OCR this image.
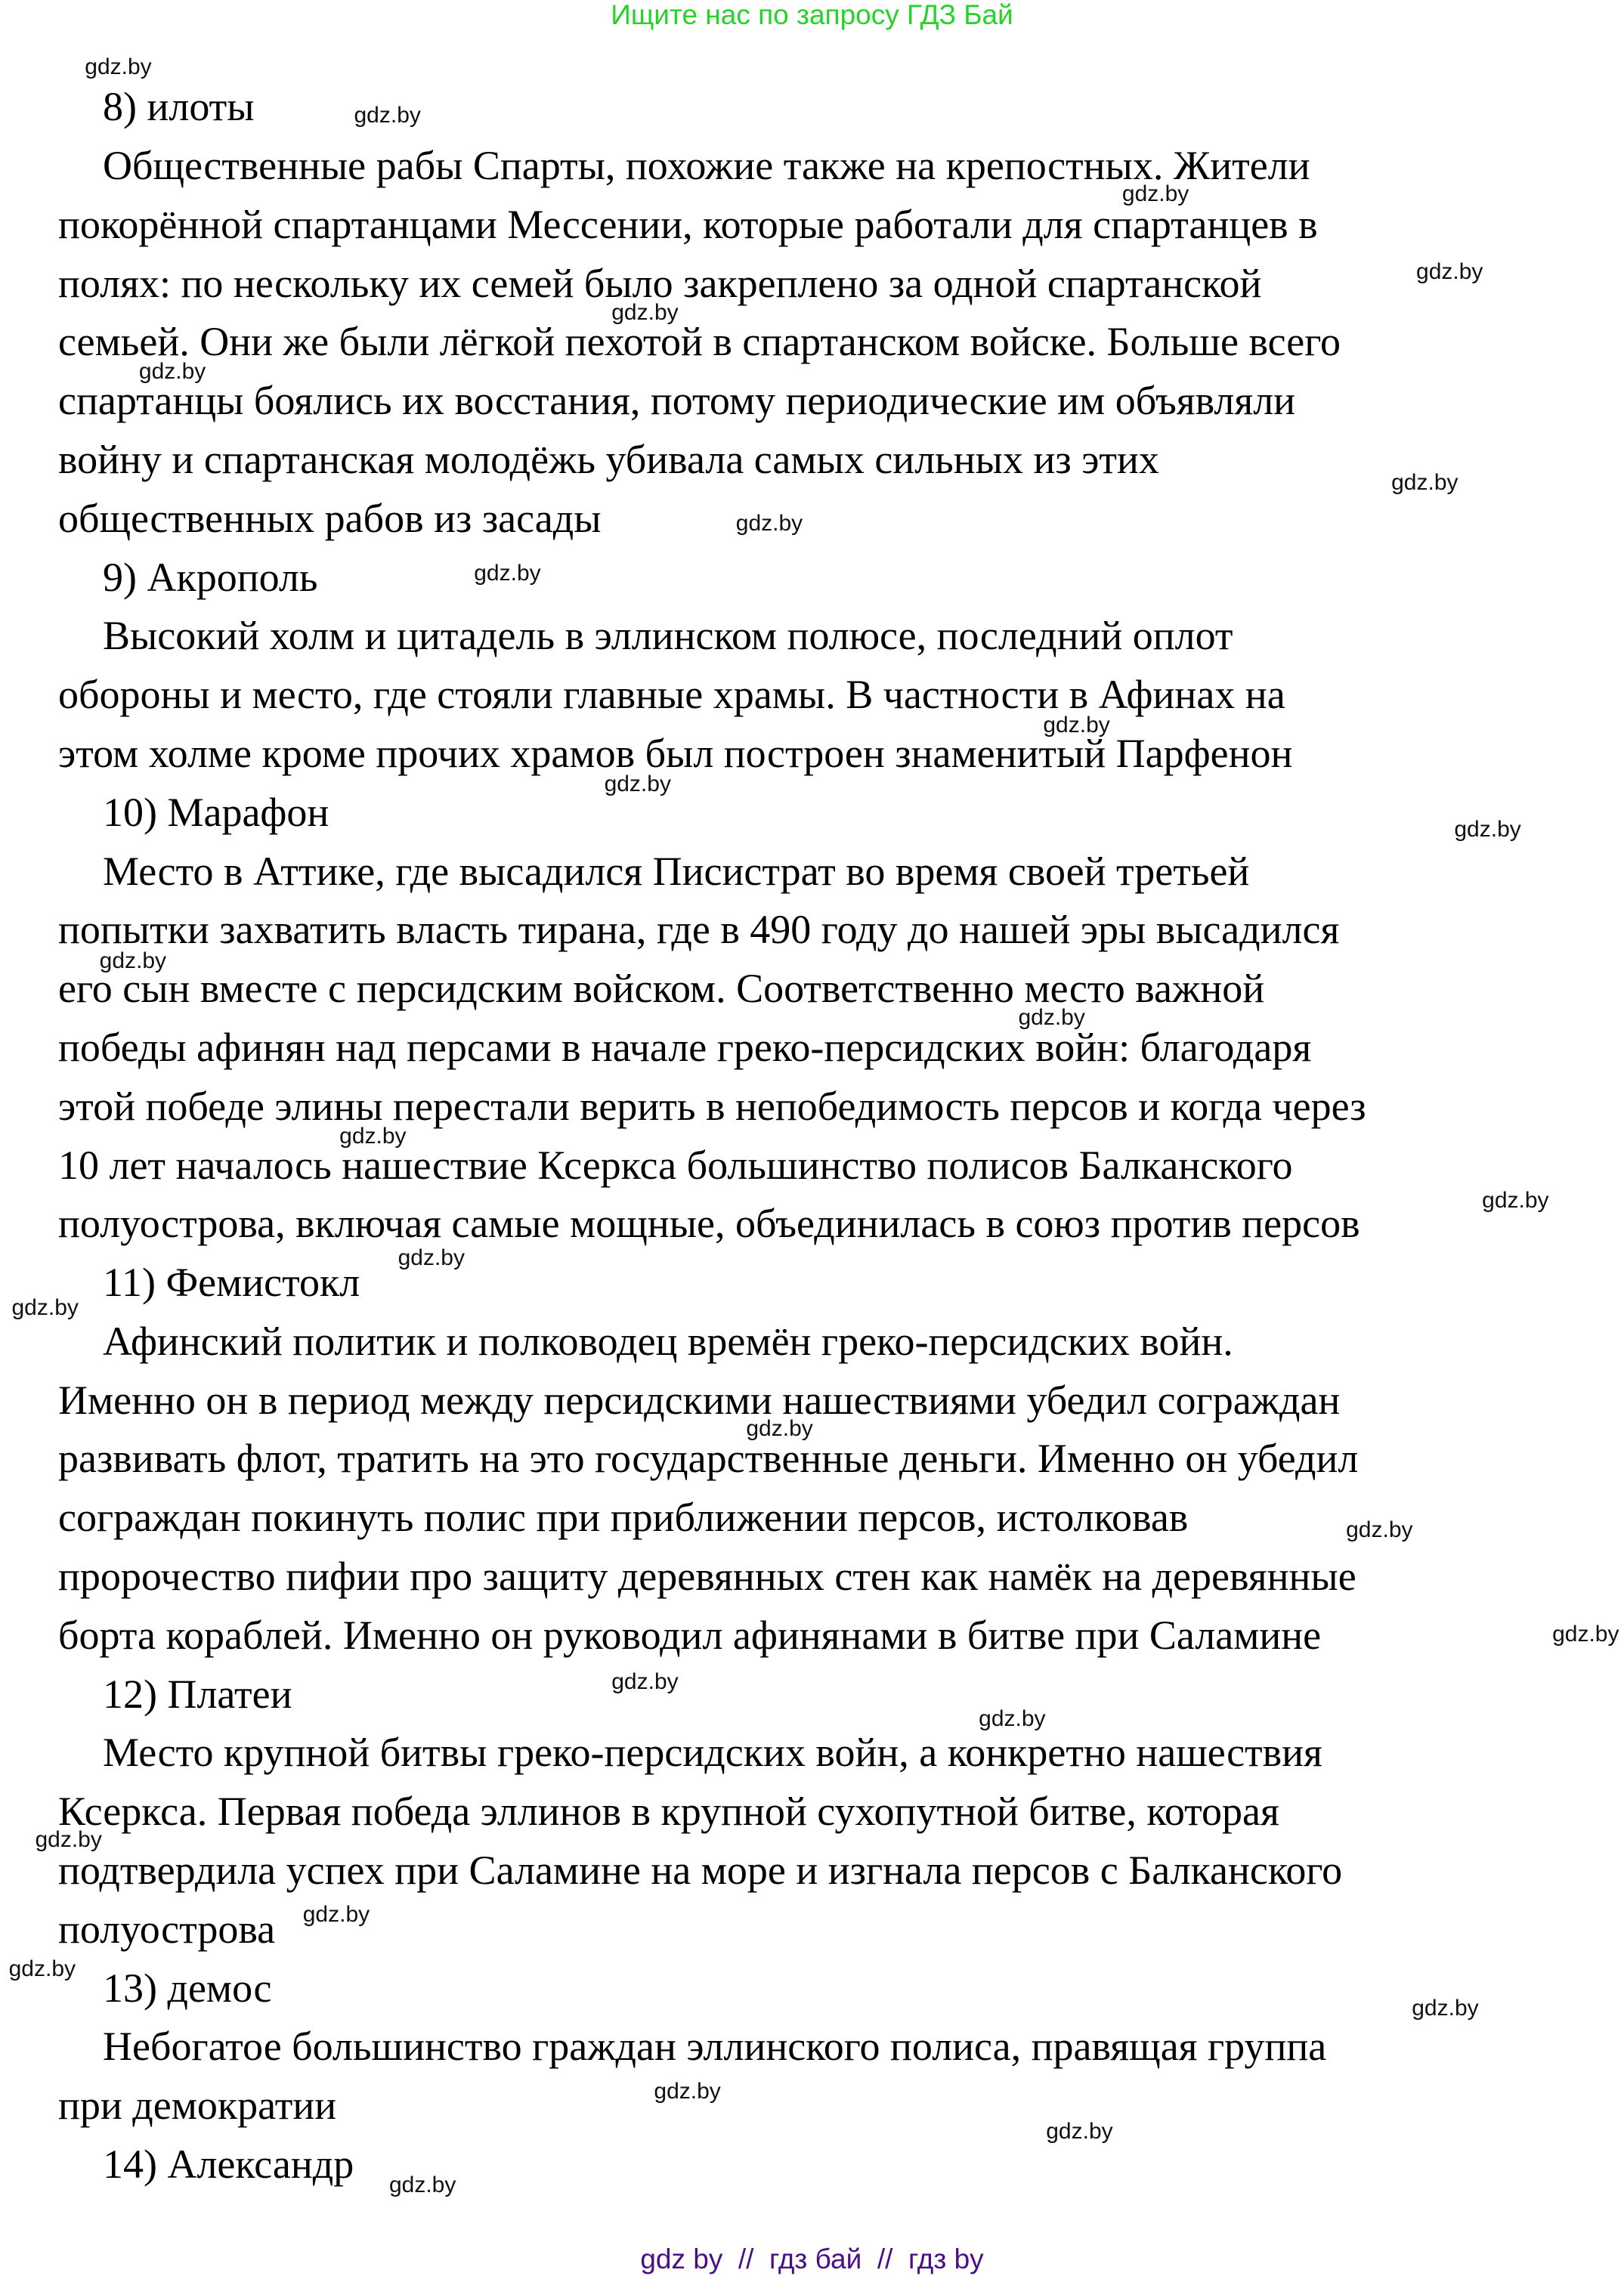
Ищите нас по запросу ГДЗ Бай
8) илоты
Общественные рабы Спарты, похожие также на крепостных. Жители
покорённой спартанцами Мессении, которые работали для спартанцев в
полях: по нескольку их семей было закреплено за одной спартанской
семьей. Они же были лёгкой пехотой в спартанском войске. Больше всего
спартанцы боялись их восстания, потому периодические им объявляли
войну и спартанская молодёжь убивала самых сильных из этих
общественных рабов из засады
9) Акрополь
Высокий холм и цитадель в эллинском полюсе, последний оплот
обороны и место, где стояли главные храмы. В частности в Афинах на
этом холме кроме прочих храмов был построен знаменитый Парфенон
10) Марафон
Место в Аттике, где высадился Писистрат во время своей третьей
попытки захватить власть тирана, где в 490 году до нашей эры высадился
его сын вместе с персидским войском. Соответственно место важной
победы афинян над персами в начале греко-персидских войн: благодаря
этой победе элины перестали верить в непобедимость персов и когда через
10 лет началось нашествие Ксеркса большинство полисов Балканского
полуострова, включая самые мощные, объединилась в союз против персов
11) Фемистокл
Афинский политик и полководец времён греко-персидских войн.
Именно он в период между персидскими нашествиями убедил сограждан
развивать флот, тратить на это государственные деньги. Именно он убедил
сограждан покинуть полис при приближении персов, истолковав
пророчество пифии про защиту деревянных стен как намёк на деревянные
борта кораблей. Именно он руководил афинянами в битве при Саламине
12) Платеи
Место крупной битвы греко-персидских войн, а конкретно нашествия
Ксеркса. Первая победа эллинов в крупной сухопутной битве, которая
подтвердила успех при Саламине на море и изгнала персов с Балканского
полуострова
13) демос
Небогатое большинство граждан эллинского полиса, правящая группа
при демократии
14) Александр
gdz.by
gdz.by
gdz.by
gdz.by
gdz.by
gdz.by
gdz.by
gdz.by
gdz.by
gdz.by
gdz.by
gdz.by
gdz.by
gdz.by
gdz.by
gdz.by
gdz.by
gdz.by
gdz.by
gdz.by
gdz.by
gdz.by
gdz.by
gdz.by
gdz.by
gdz.by
gdz.by
gdz.by
gdz.by
gdz.by
gdz by  //  гдз бай  //  гдз by
